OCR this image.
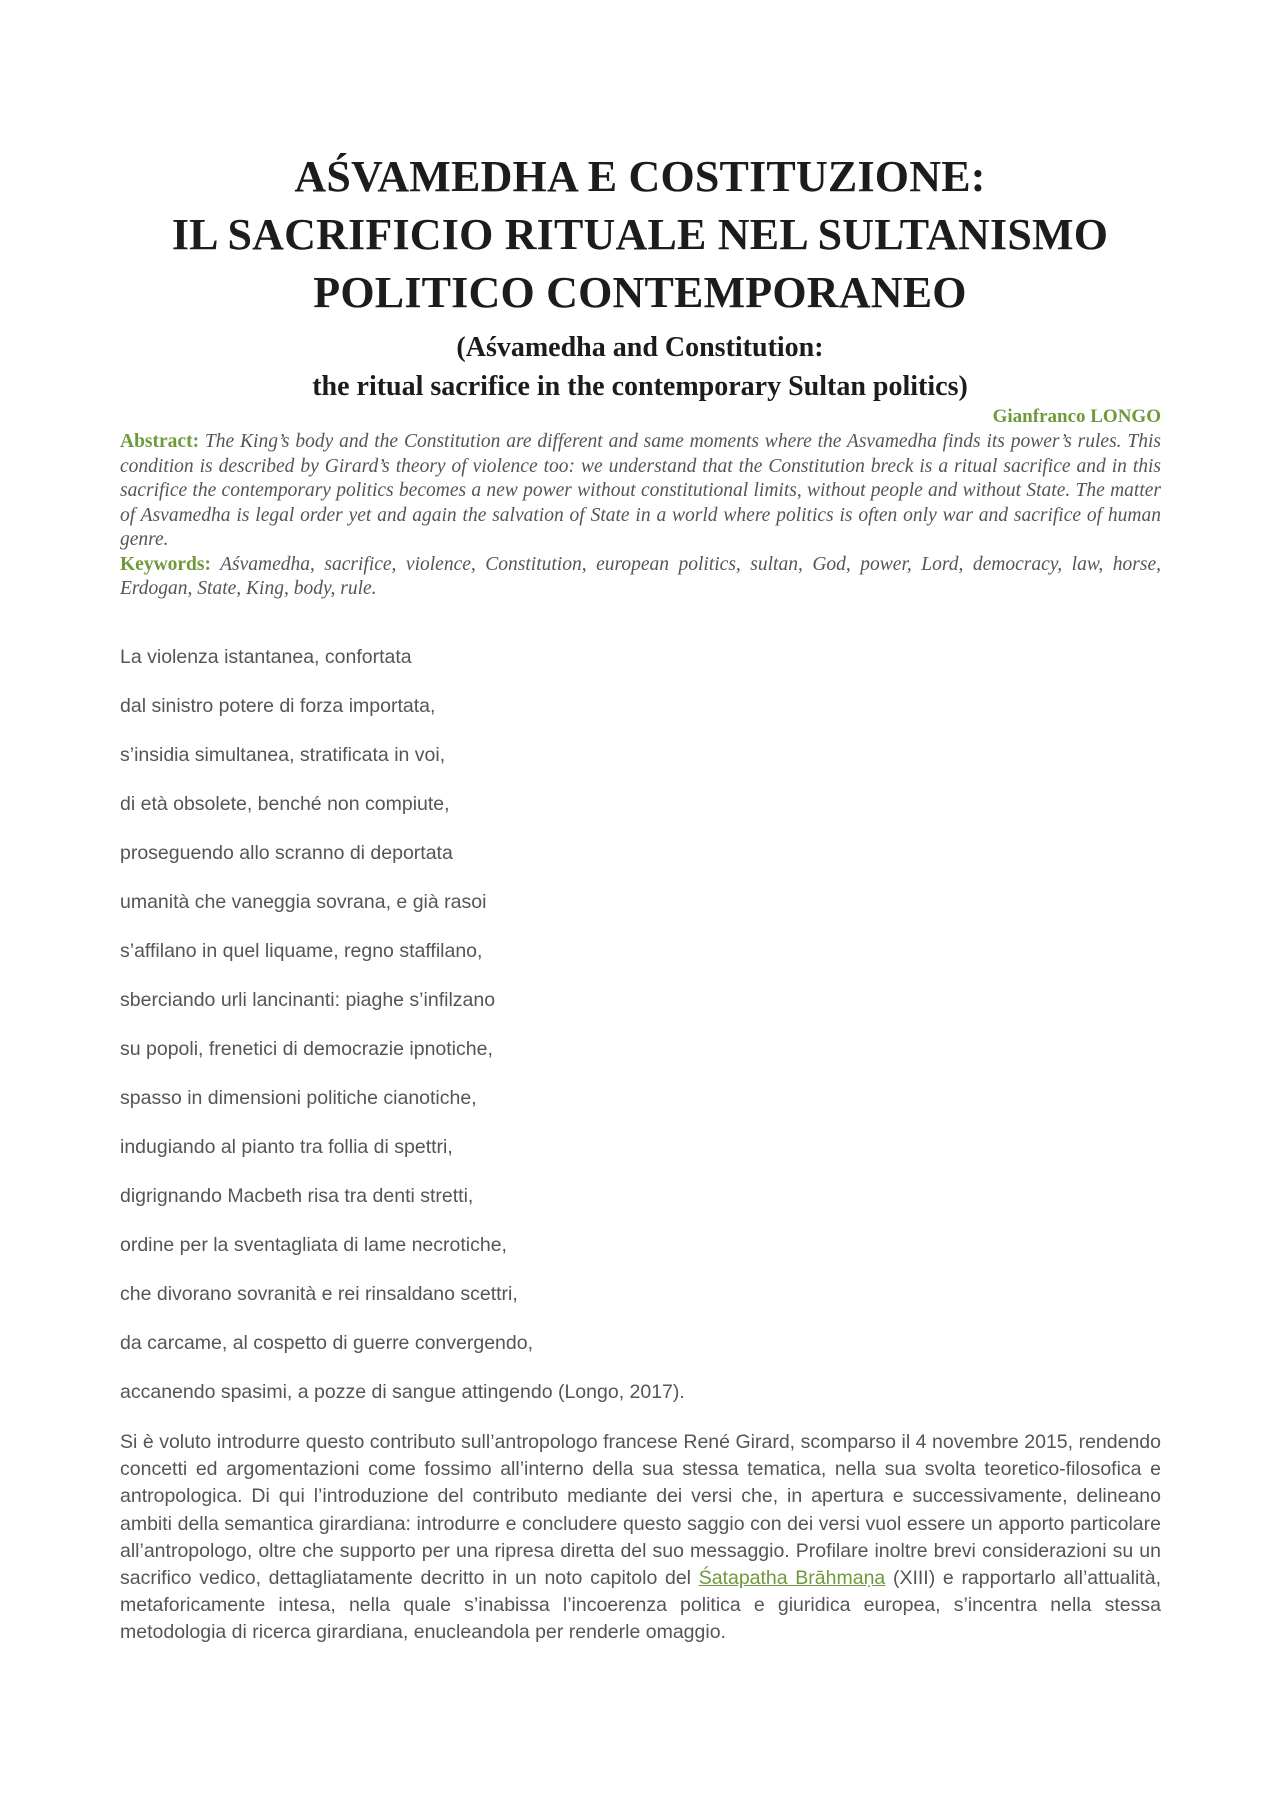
AŚVAMEDHA E COSTITUZIONE:

IL SACRIFICIO RITUALE NEL SULTANISMO

POLITICO CONTEMPORANEO

(Aśvamedha and Constitution:

the ritual sacrifice in the contemporary Sultan politics)

Gianfranco LONGO

Abstract: The King’s body and the Constitution are different and same moments where the Asvamedha finds its power’s rules. This condition is described by Girard’s theory of violence too: we understand that the Constitution breck is a ritual sacrifice and in this sacrifice the contemporary politics becomes a new power without constitutional limits, without people and without State. The matter of Asvamedha is legal order yet and again the salvation of State in a world where politics is often only war and sacrifice of human genre.

Keywords: Aśvamedha, sacrifice, violence, Constitution, european politics, sultan, God, power, Lord, democracy, law, horse, Erdogan, State, King, body, rule.

La violenza istantanea, confortata
dal sinistro potere di forza importata,
s’insidia simultanea, stratificata in voi,
di età obsolete, benché non compiute,
proseguendo allo scranno di deportata
umanità che vaneggia sovrana, e già rasoi
s’affilano in quel liquame, regno staffilano,
sberciando urli lancinanti: piaghe s’infilzano
su popoli, frenetici di democrazie ipnotiche,
spasso in dimensioni politiche cianotiche,
indugiando al pianto tra follia di spettri,
digrignando Macbeth risa tra denti stretti,
ordine per la sventagliata di lame necrotiche,
che divorano sovranità e rei rinsaldano scettri,
da carcame, al cospetto di guerre convergendo,
accanendo spasimi, a pozze di sangue attingendo (Longo, 2017).

Si è voluto introdurre questo contributo sull’antropologo francese René Girard, scomparso il 4 novembre 2015, rendendo concetti ed argomentazioni come fossimo all’interno della sua stessa tematica, nella sua svolta teoretico-filosofica e antropologica. Di qui l’introduzione del contributo mediante dei versi che, in apertura e successivamente, delineano ambiti della semantica girardiana: introdurre e concludere questo saggio con dei versi vuol essere un apporto particolare all’antropologo, oltre che supporto per una ripresa diretta del suo messaggio. Profilare inoltre brevi considerazioni su un sacrifico vedico, dettagliatamente decritto in un noto capitolo del Śatapatha Brāhmaṇa (XIII) e rapportarlo all’attualità, metaforicamente intesa, nella quale s’inabissa l’incoerenza politica e giuridica europea, s’incentra nella stessa metodologia di ricerca girardiana, enucleandola per renderle omaggio.
